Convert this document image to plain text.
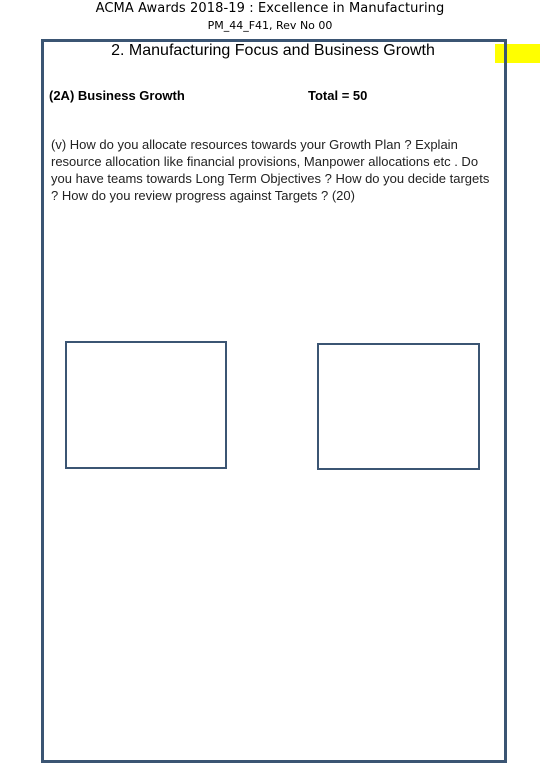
ACMA Awards 2018-19 : Excellence in Manufacturing
PM_44_F41, Rev No 00
2. Manufacturing Focus and Business Growth
(2A) Business Growth	Total = 50
(v) How do you allocate resources towards your Growth Plan ? Explain resource allocation like financial provisions, Manpower allocations etc . Do you have teams towards Long Term Objectives ? How do you decide targets ? How do you review progress against Targets ? (20)
